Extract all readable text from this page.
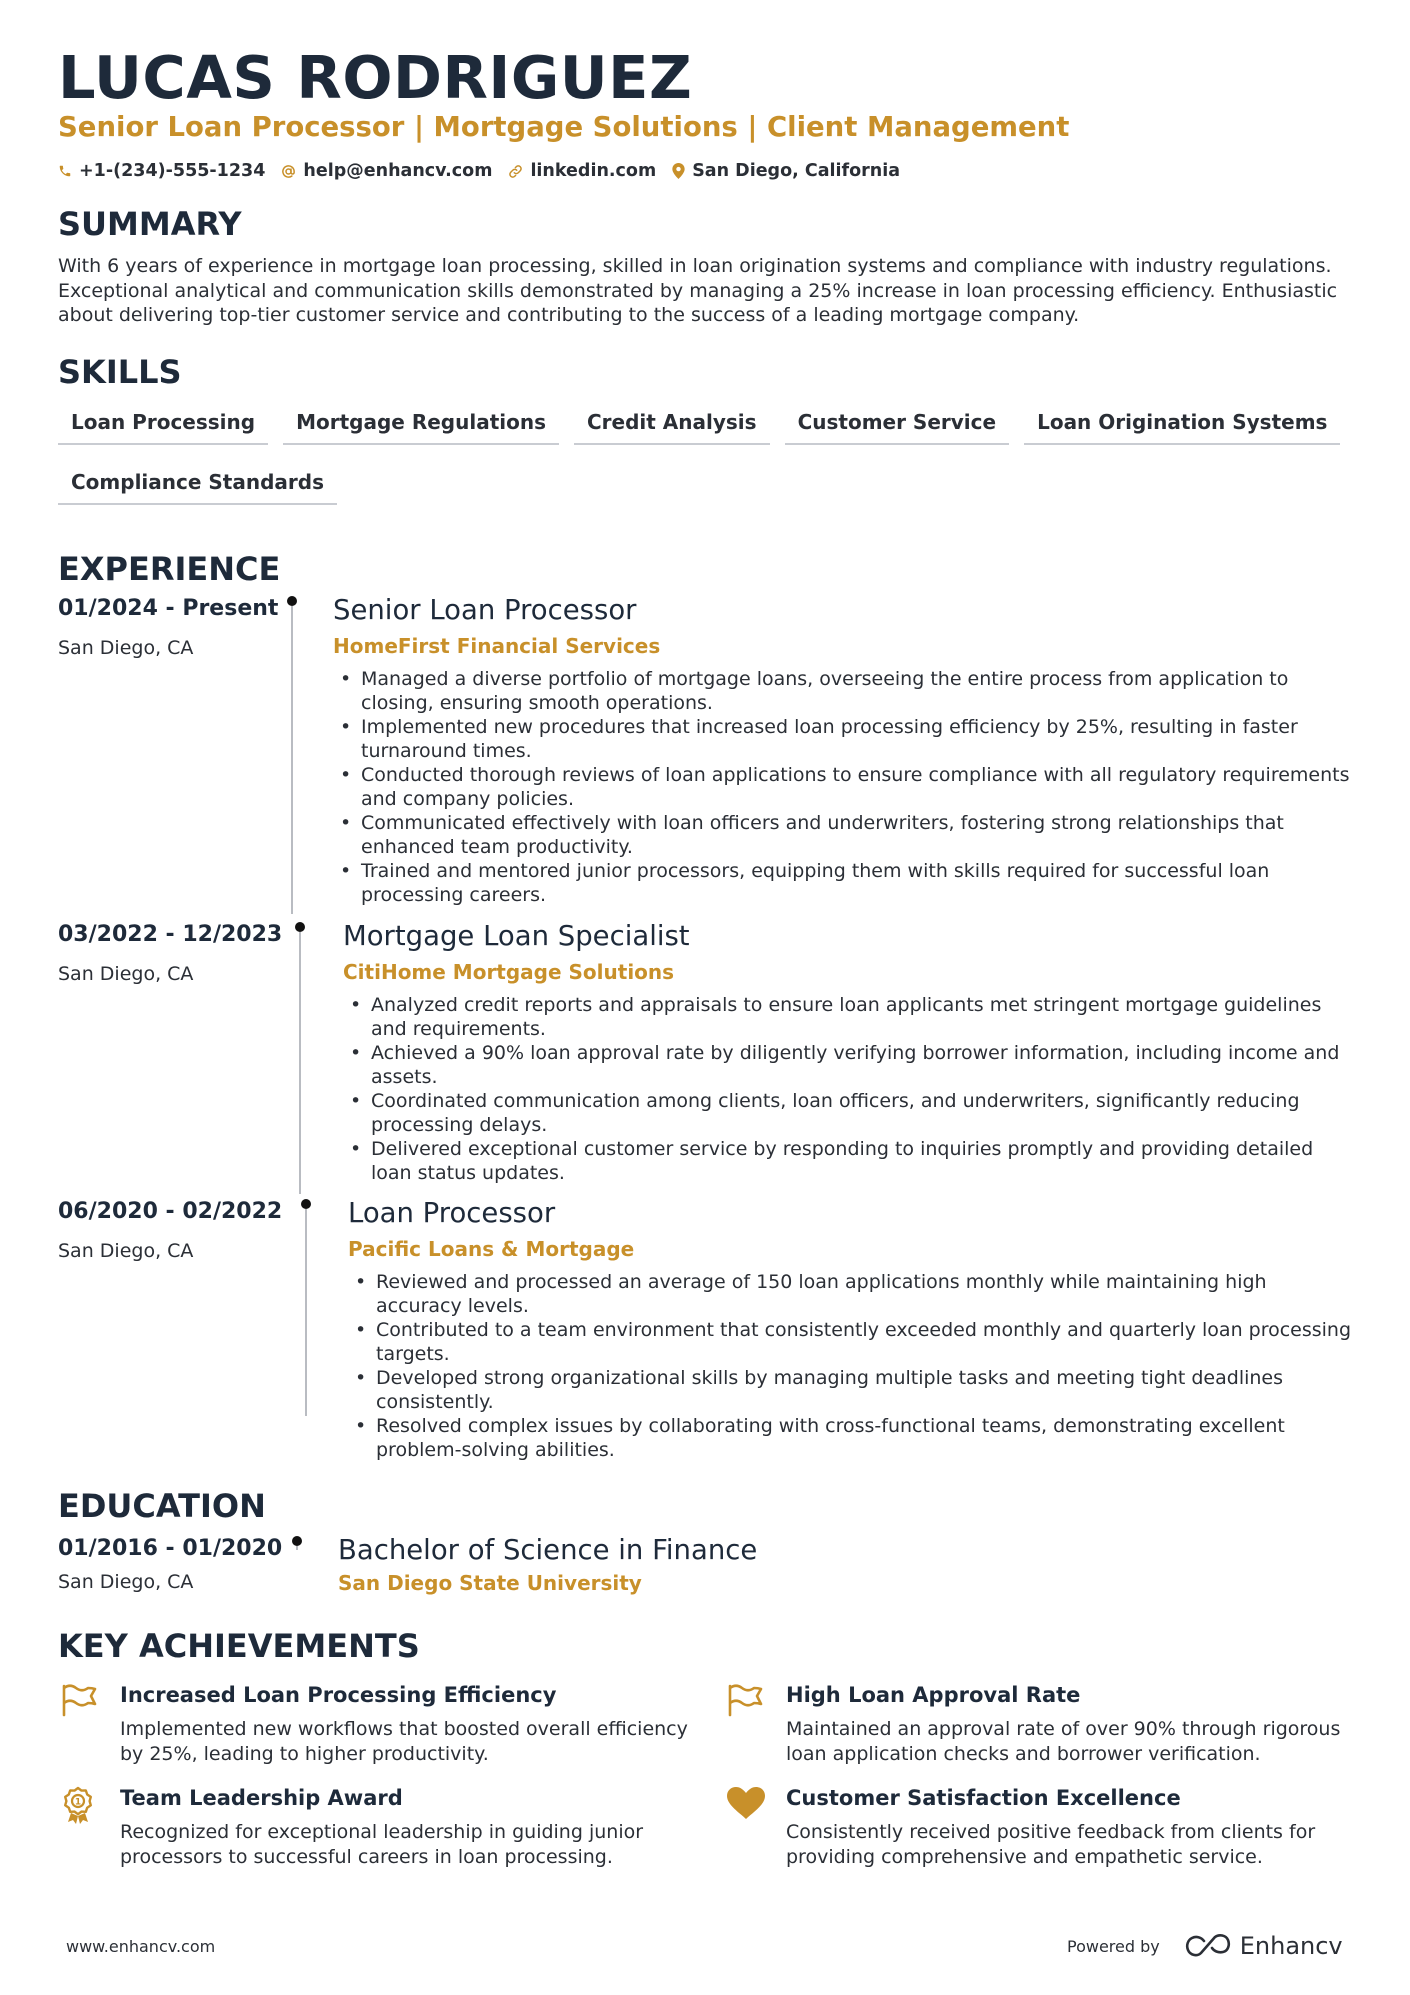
LUCAS RODRIGUEZ
Senior Loan Processor | Mortgage Solutions | Client Management
+1-(234)-555-1234 help@enhancv.com linkedin.com San Diego, California
SUMMARY
With 6 years of experience in mortgage loan processing, skilled in loan origination systems and compliance with industry regulations. Exceptional analytical and communication skills demonstrated by managing a 25% increase in loan processing efficiency. Enthusiastic about delivering top-tier customer service and contributing to the success of a leading mortgage company.
SKILLS
Loan Processing	Mortgage Regulations	Credit Analysis	Customer Service	Loan Origination Systems
Compliance Standards
EXPERIENCE
01/2024 - Present
San Diego, CA
Senior Loan Processor
HomeFirst Financial Services
• Managed a diverse portfolio of mortgage loans, overseeing the entire process from application to closing, ensuring smooth operations.
• Implemented new procedures that increased loan processing efficiency by 25%, resulting in faster turnaround times.
• Conducted thorough reviews of loan applications to ensure compliance with all regulatory requirements and company policies.
• Communicated effectively with loan officers and underwriters, fostering strong relationships that enhanced team productivity.
• Trained and mentored junior processors, equipping them with skills required for successful loan processing careers.
03/2022 - 12/2023
San Diego, CA
Mortgage Loan Specialist
CitiHome Mortgage Solutions
• Analyzed credit reports and appraisals to ensure loan applicants met stringent mortgage guidelines and requirements.
• Achieved a 90% loan approval rate by diligently verifying borrower information, including income and assets.
• Coordinated communication among clients, loan officers, and underwriters, significantly reducing processing delays.
• Delivered exceptional customer service by responding to inquiries promptly and providing detailed loan status updates.
06/2020 - 02/2022
San Diego, CA
Loan Processor
Pacific Loans & Mortgage
• Reviewed and processed an average of 150 loan applications monthly while maintaining high accuracy levels.
• Contributed to a team environment that consistently exceeded monthly and quarterly loan processing targets.
• Developed strong organizational skills by managing multiple tasks and meeting tight deadlines consistently.
• Resolved complex issues by collaborating with cross-functional teams, demonstrating excellent problem-solving abilities.
EDUCATION
01/2016 - 01/2020
San Diego, CA
Bachelor of Science in Finance
San Diego State University
KEY ACHIEVEMENTS
Increased Loan Processing Efficiency
Implemented new workflows that boosted overall efficiency by 25%, leading to higher productivity.
High Loan Approval Rate
Maintained an approval rate of over 90% through rigorous loan application checks and borrower verification.
1 Team Leadership Award
Recognized for exceptional leadership in guiding junior processors to successful careers in loan processing.
Customer Satisfaction Excellence
Consistently received positive feedback from clients for providing comprehensive and empathetic service.
www.enhancv.com	Powered by	Enhancv
